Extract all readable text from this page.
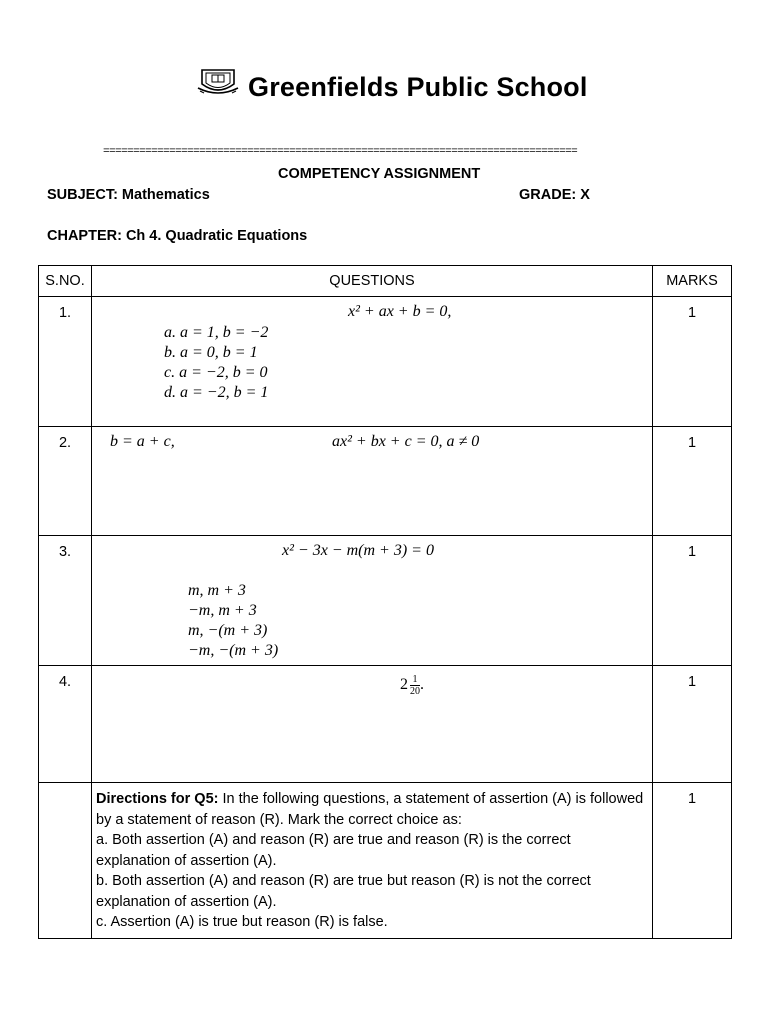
Greenfields Public School
===============================================================================
COMPETENCY ASSIGNMENT
SUBJECT: Mathematics	GRADE: X
CHAPTER: Ch 4. Quadratic Equations
S.NO.	QUESTIONS	MARKS
1.	x² + ax + b = 0,
a. a = 1, b = −2
b. a = 0, b = 1
c. a = −2, b = 0
d. a = −2, b = 1	1
2.	b = a + c, ax² + bx + c = 0, a ≠ 0	1
3.	x² − 3x − m(m + 3) = 0
m, m + 3
−m, m + 3
m, −(m + 3)
−m, −(m + 3)	1
4.	$2 \frac{1}{20}$ .	1

	Directions for Q5: In the following questions, a statement of assertion (A) is followed by a statement of reason (R). Mark the correct choice as:
a. Both assertion (A) and reason (R) are true and reason (R) is the correct explanation of assertion (A).
b. Both assertion (A) and reason (R) are true but reason (R) is not the correct explanation of assertion (A).
c. Assertion (A) is true but reason (R) is false.	1
